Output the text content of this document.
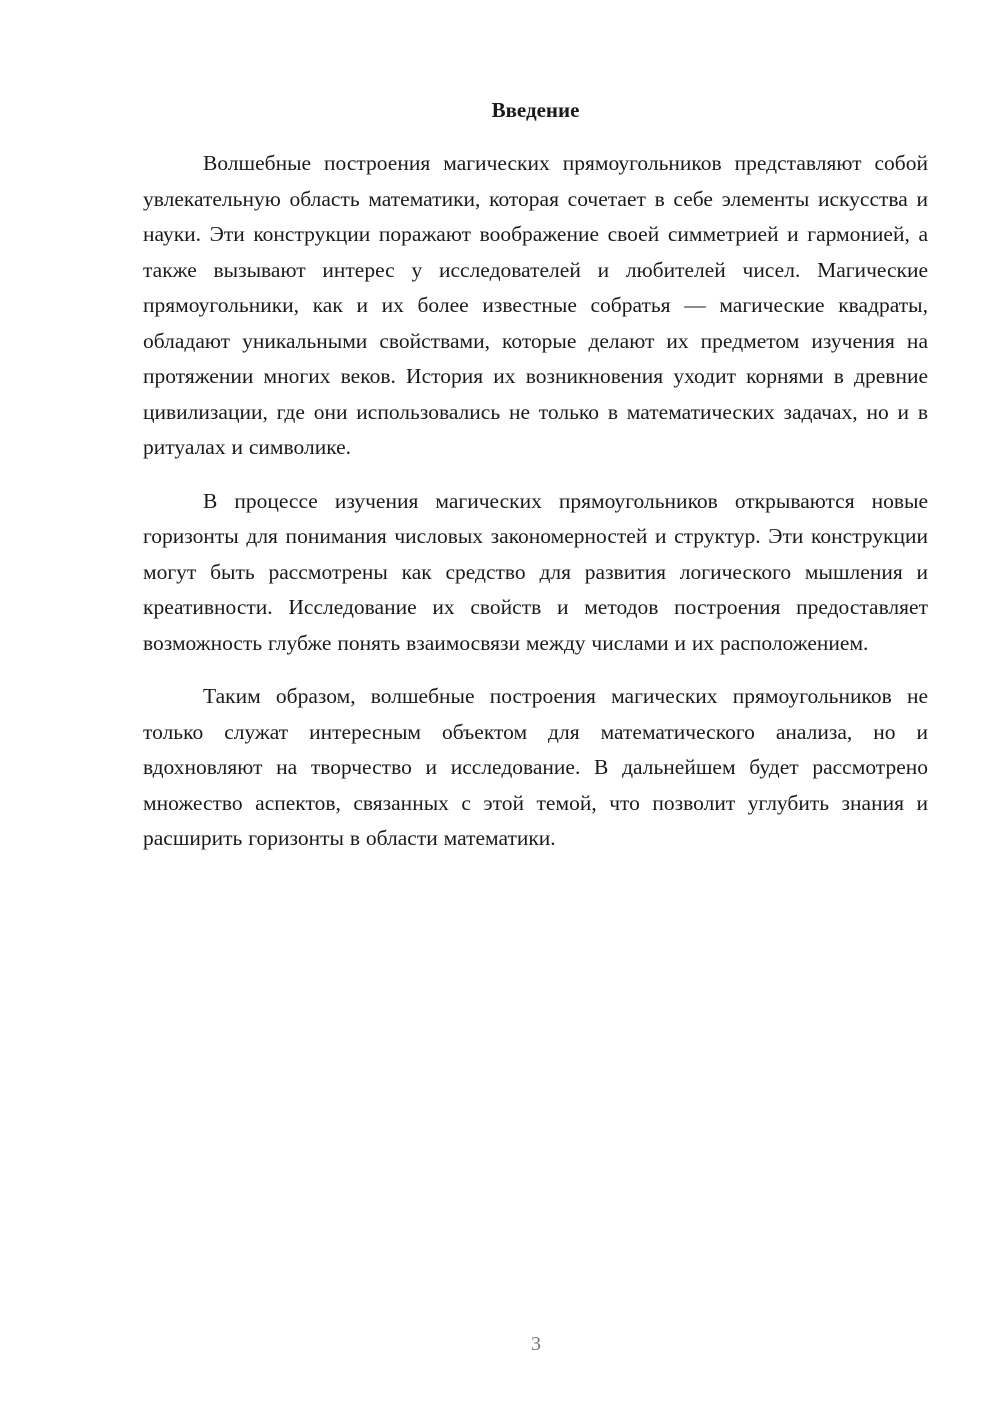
Введение

Волшебные построения магических прямоугольников представляют собой увлекательную область математики, которая сочетает в себе элементы искусства и науки. Эти конструкции поражают воображение своей симметрией и гармонией, а также вызывают интерес у исследователей и любителей чисел. Магические прямоугольники, как и их более известные собратья — магические квадраты, обладают уникальными свойствами, которые делают их предметом изучения на протяжении многих веков. История их возникновения уходит корнями в древние цивилизации, где они использовались не только в математических задачах, но и в ритуалах и символике.

В процессе изучения магических прямоугольников открываются новые горизонты для понимания числовых закономерностей и структур. Эти конструкции могут быть рассмотрены как средство для развития логического мышления и креативности. Исследование их свойств и методов построения предоставляет возможность глубже понять взаимосвязи между числами и их расположением.

Таким образом, волшебные построения магических прямоугольников не только служат интересным объектом для математического анализа, но и вдохновляют на творчество и исследование. В дальнейшем будет рассмотрено множество аспектов, связанных с этой темой, что позволит углубить знания и расширить горизонты в области математики.

3
